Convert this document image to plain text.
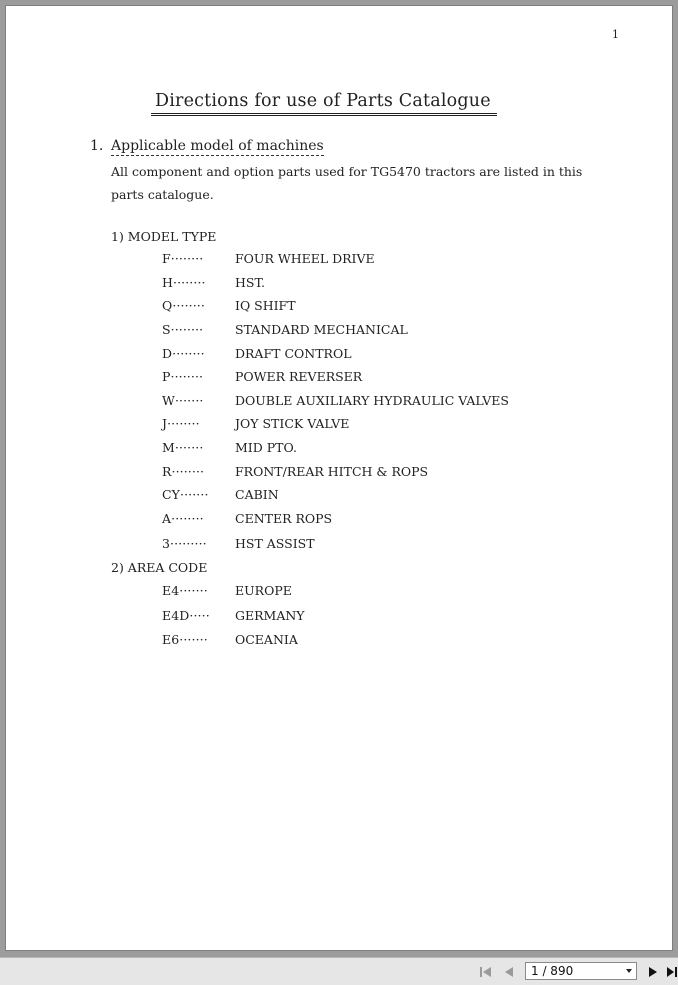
1
Directions for use of Parts Catalogue
1. Applicable model of machines
All component and option parts used for TG5470 tractors are listed in this
parts catalogue.
1) MODEL TYPE
F········	FOUR WHEEL DRIVE
H········ HST.
Q········ IQ SHIFT
S········	STANDARD MECHANICAL
D········ DRAFT CONTROL
P········	POWER REVERSER
W·······	DOUBLE AUXILIARY HYDRAULIC VALVES
J········	JOY STICK VALVE
M·······	MID PTO.
R········ FRONT/REAR HITCH & ROPS
CY······· CABIN
A········	CENTER ROPS
3········· HST ASSIST
2) AREA CODE
E4······· EUROPE
E4D····· GERMANY
E6······· OCEANIA
1 / 890
